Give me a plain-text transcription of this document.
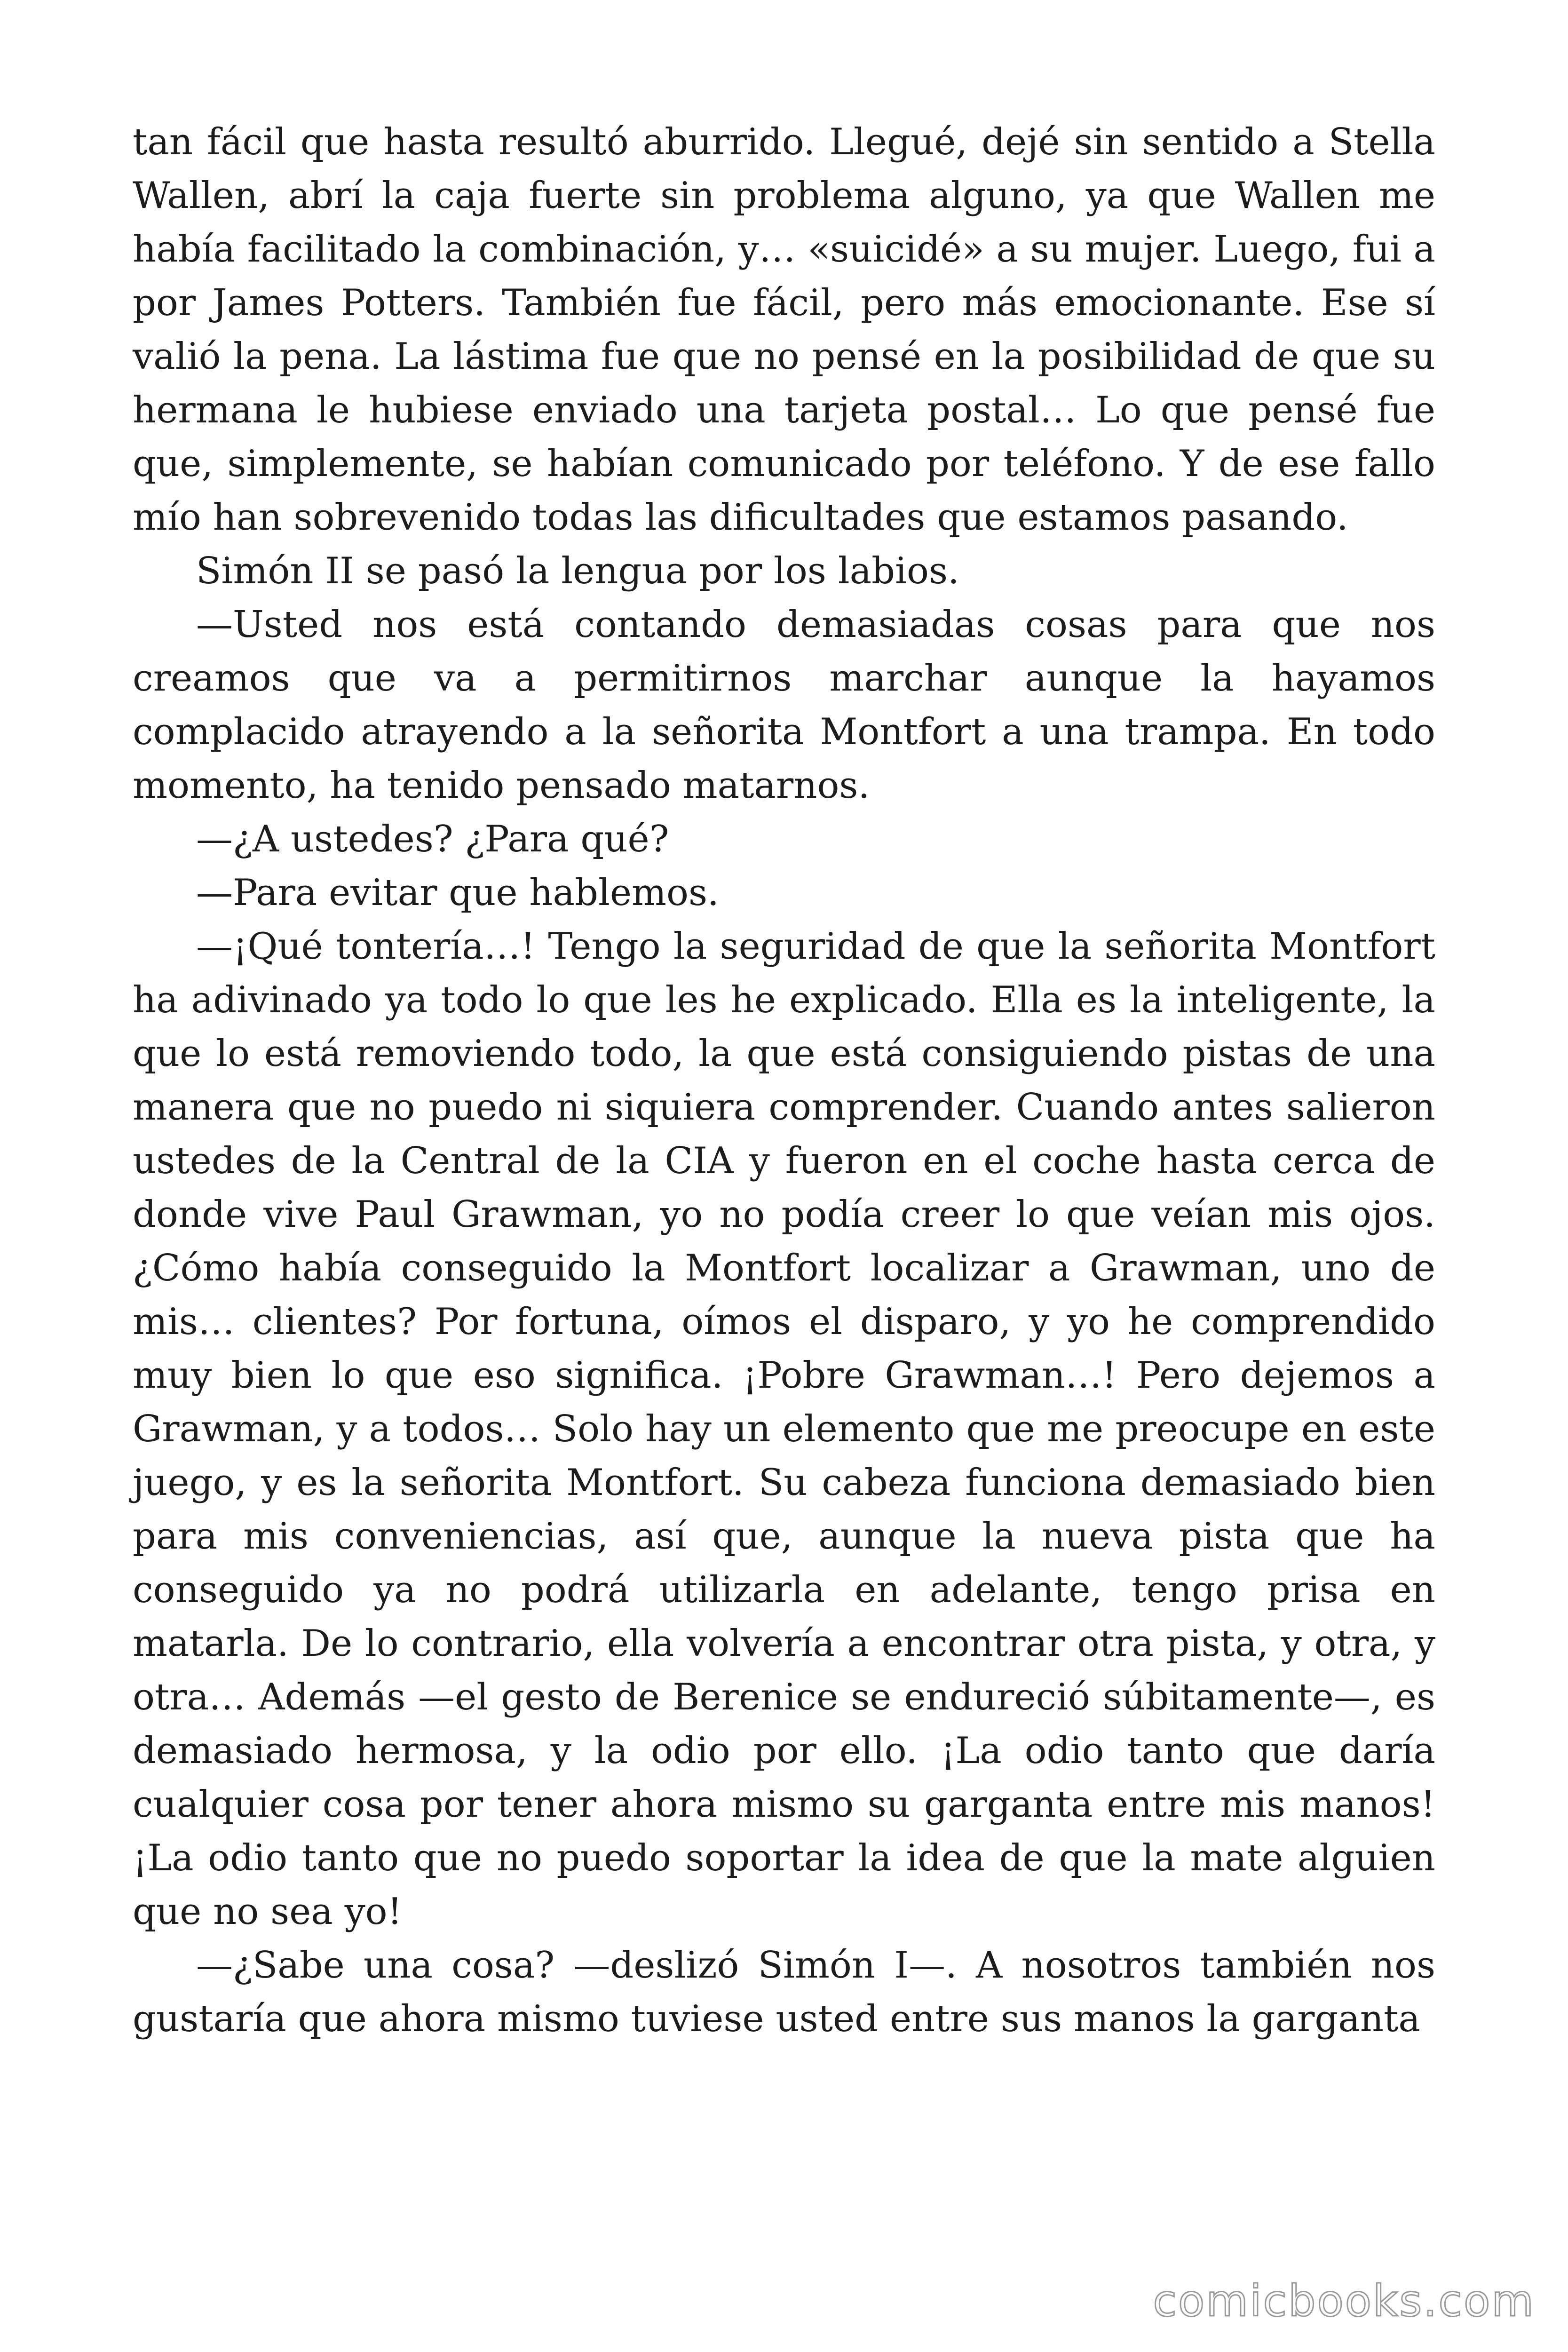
tan fácil que hasta resultó aburrido. Llegué, dejé sin sentido a Stella Wallen, abrí la caja fuerte sin problema alguno, ya que Wallen me había facilitado la combinación, y… «suicidé» a su mujer. Luego, fui a por James Potters. También fue fácil, pero más emocionante. Ese sí valió la pena. La lástima fue que no pensé en la posibilidad de que su hermana le hubiese enviado una tarjeta postal… Lo que pensé fue que, simplemente, se habían comunicado por teléfono. Y de ese fallo mío han sobrevenido todas las dificultades que estamos pasando.

Simón II se pasó la lengua por los labios.

—Usted nos está contando demasiadas cosas para que nos creamos que va a permitirnos marchar aunque la hayamos complacido atrayendo a la señorita Montfort a una trampa. En todo momento, ha tenido pensado matarnos.

—¿A ustedes? ¿Para qué?

—Para evitar que hablemos.

—¡Qué tontería…! Tengo la seguridad de que la señorita Montfort ha adivinado ya todo lo que les he explicado. Ella es la inteligente, la que lo está removiendo todo, la que está consiguiendo pistas de una manera que no puedo ni siquiera comprender. Cuando antes salieron ustedes de la Central de la CIA y fueron en el coche hasta cerca de donde vive Paul Grawman, yo no podía creer lo que veían mis ojos. ¿Cómo había conseguido la Montfort localizar a Grawman, uno de mis… clientes? Por fortuna, oímos el disparo, y yo he comprendido muy bien lo que eso significa. ¡Pobre Grawman…! Pero dejemos a Grawman, y a todos… Solo hay un elemento que me preocupe en este juego, y es la señorita Montfort. Su cabeza funciona demasiado bien para mis conveniencias, así que, aunque la nueva pista que ha conseguido ya no podrá utilizarla en adelante, tengo prisa en matarla. De lo contrario, ella volvería a encontrar otra pista, y otra, y otra… Además —el gesto de Berenice se endureció súbitamente—, es demasiado hermosa, y la odio por ello. ¡La odio tanto que daría cualquier cosa por tener ahora mismo su garganta entre mis manos! ¡La odio tanto que no puedo soportar la idea de que la mate alguien que no sea yo!

—¿Sabe una cosa? —deslizó Simón I—. A nosotros también nos gustaría que ahora mismo tuviese usted entre sus manos la garganta

comicbooks.com
